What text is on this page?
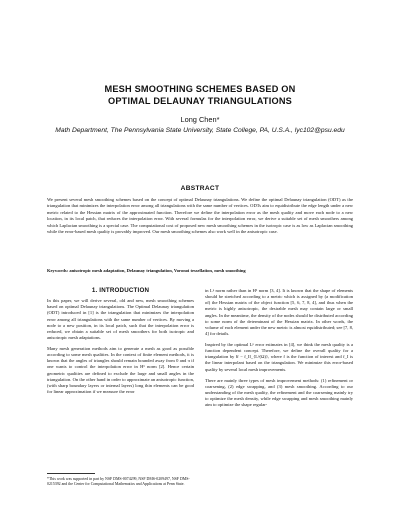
MESH SMOOTHING SCHEMES BASED ON
OPTIMAL DELAUNAY TRIANGULATIONS
Long Chen*
Math Department, The Pennsylvania State University, State College, PA, U.S.A., lyc102@psu.edu
ABSTRACT
We present several mesh smoothing schemes based on the concept of optimal Delaunay triangulations. We define the optimal Delaunay triangulation (ODT) as the triangulation that minimizes the interpolation error among all triangulations with the same number of vertices. ODTs aim to equidistribute the edge length under a new metric related to the Hessian matrix of the approximated function. Therefore we define the interpolation error as the mesh quality and move each node to a new location, in its local patch, that reduces the interpolation error. With several formulas for the interpolation error, we derive a suitable set of mesh smoothers among which Laplacian smoothing is a special case. The computational cost of proposed new mesh smoothing schemes in the isotropic case is as low as Laplacian smoothing while the error-based mesh quality is provably improved. Our mesh smoothing schemes also work well in the anisotropic case.
Keywords: anisotropic mesh adaptation, Delaunay triangulation, Voronoi tessellation, mesh smoothing
1. INTRODUCTION

In this paper, we will derive several, old and new, mesh smoothing schemes based on optimal Delaunay triangulations. The Optimal Delaunay triangulation (ODT) introduced in [1] is the triangulation that minimizes the interpolation error among all triangulations with the same number of vertices. By moving a node to a new position, in its local patch, such that the interpolation error is reduced, we obtain a suitable set of mesh smoothers for both isotropic and anisotropic mesh adaptations.

Many mesh generation methods aim to generate a mesh as good as possible according to some mesh qualities. In the context of finite element methods, it is known that the angles of triangles should remain bounded away from 0 and π if one wants to control the interpolation error in H¹ norm [2]. Hence certain geometric qualities are defined to exclude the large and small angles in the triangulation. On the other hand in order to approximate an anisotropic function, (with sharp boundary layers or internal layers) long thin elements can be good for linear approximation if we measure the error

in Lᵖ norm rather than in H¹ norm [3, 4]. It is known that the shape of elements should be stretched according to a metric which is assigned by (a modification of) the Hessian matrix of the object function [5, 6, 7, 8, 4], and thus when the metric is highly anisotropic, the desirable mesh may contain large or small angles. In the meantime, the density of the nodes should be distributed according to some norm of the determinant of the Hessian matrix. In other words, the volume of each element under the new metric is almost equidistributed; see [7, 8, 4] for details.

Inspired by the optimal Lᵖ error estimates in [4], we think the mesh quality is a function dependent concept. Therefore, we define the overall quality for a triangulation by ‖f − f_I‖_{Lᵖ(Ω)}, where f is the function of interest and f_I is the linear interpolant based on the triangulation. We minimize this error-based quality by several local mesh improvements.

There are mainly three types of mesh improvement methods: (1) refinement or coarsening, (2) edge swapping, and (3) mesh smoothing. According to our understanding of the mesh quality, the refinement and the coarsening mainly try to optimize the mesh density, while edge swapping and mesh smoothing mainly aim to optimize the shape regular-

*This work was supported in part by NSF DMS-0074299, NSF DMS-0209497, NSF DMS-0215392 and the Center for Computational Mathematics and Applications at Penn State.
